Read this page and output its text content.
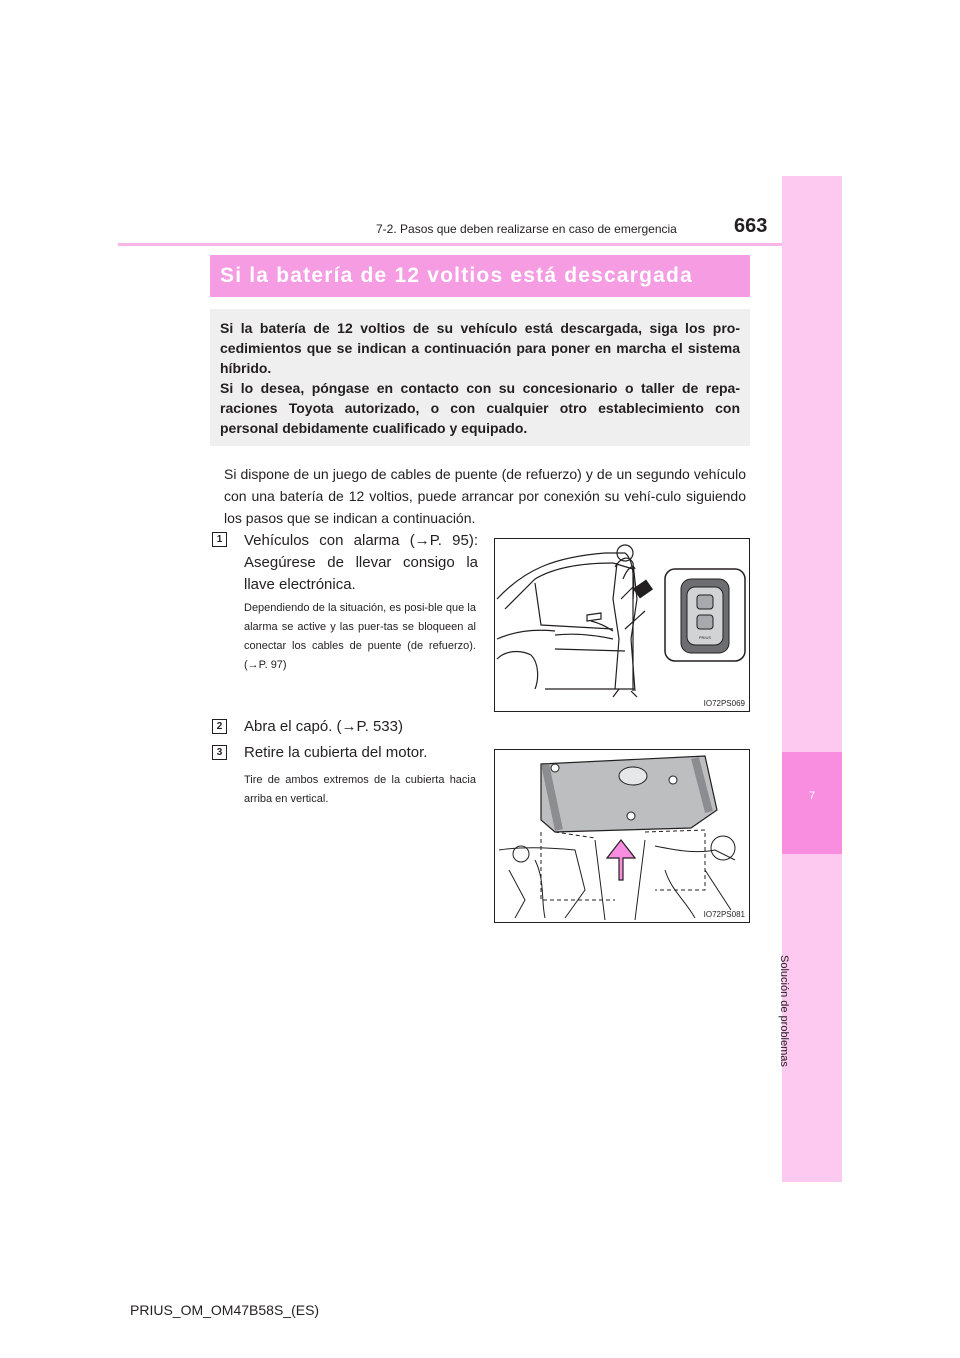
7
Solución de problemas
7-2. Pasos que deben realizarse en caso de emergencia	663
Si la batería de 12 voltios está descargada

Si la batería de 12 voltios de su vehículo está descargada, siga los pro-cedimientos que se indican a continuación para poner en marcha el sistema híbrido.

Si lo desea, póngase en contacto con su concesionario o taller de repa-raciones Toyota autorizado, o con cualquier otro establecimiento con personal debidamente cualificado y equipado.

Si dispone de un juego de cables de puente (de refuerzo) y de un segundo vehículo con una batería de 12 voltios, puede arrancar por conexión su vehí-culo siguiendo los pasos que se indican a continuación.

1	Vehículos con alarma (→P. 95): Asegúrese de llevar consigo la llave electrónica.

Dependiendo de la situación, es posi-ble que la alarma se active y las puer-tas se bloqueen al conectar los cables de puente (de refuerzo). (→P. 97)

PRIUS
IO72PS069
2	Abra el capó. (→P. 533)

3	Retire la cubierta del motor.

Tire de ambos extremos de la cubierta hacia arriba en vertical.

IO72PS081
PRIUS_OM_OM47B58S_(ES)
